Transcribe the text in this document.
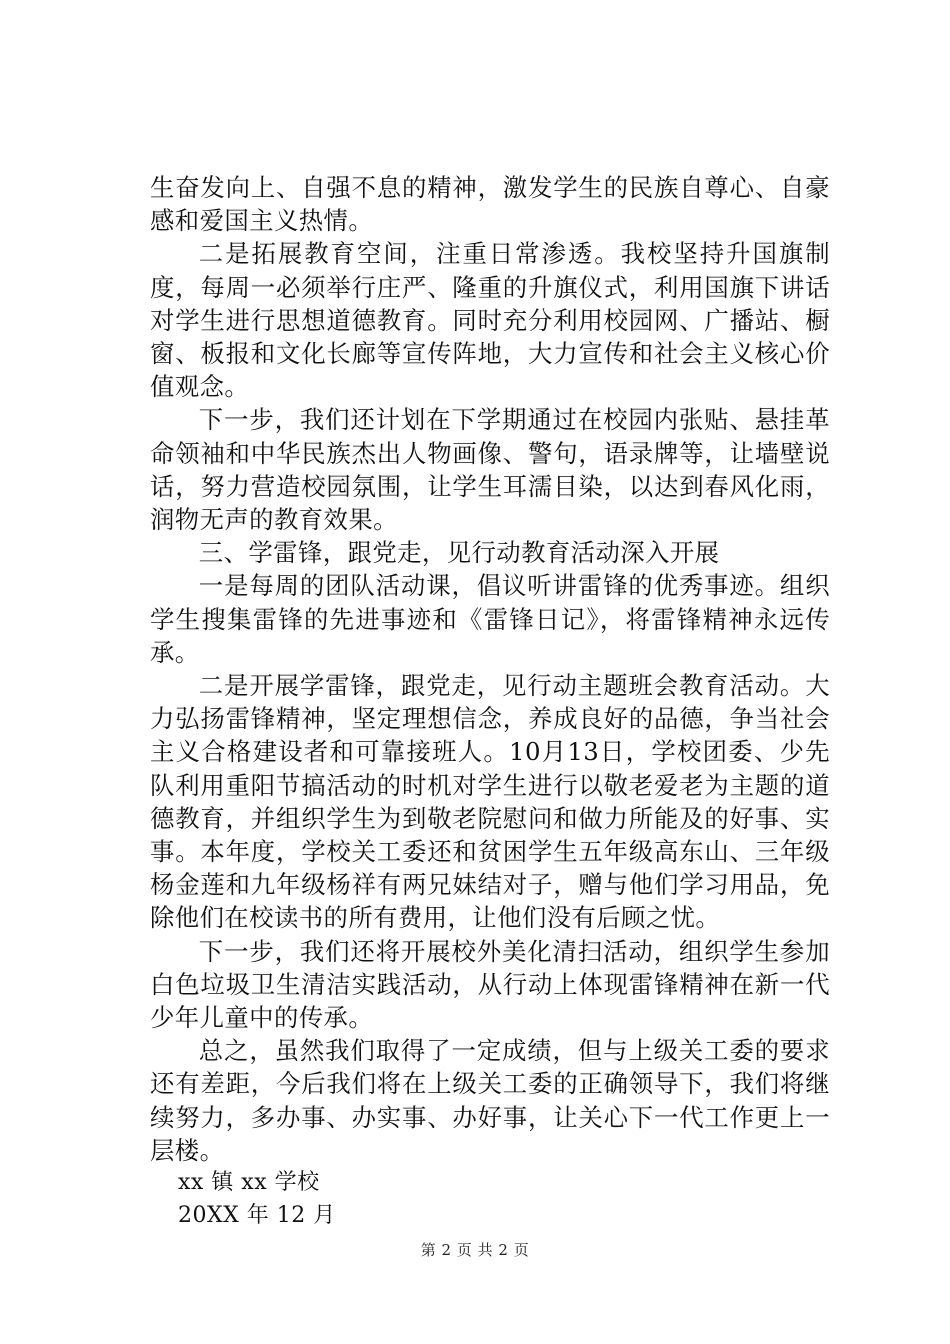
生奋发向上、自强不息的精神，激发学生的民族自尊心、自豪感和爱国主义热情。

二是拓展教育空间，注重日常渗透。我校坚持升国旗制度，每周一必须举行庄严、隆重的升旗仪式，利用国旗下讲话对学生进行思想道德教育。同时充分利用校园网、广播站、橱窗、板报和文化长廊等宣传阵地，大力宣传和社会主义核心价值观念。

下一步，我们还计划在下学期通过在校园内张贴、悬挂革命领袖和中华民族杰出人物画像、警句，语录牌等，让墙壁说话，努力营造校园氛围，让学生耳濡目染，以达到春风化雨，润物无声的教育效果。

三、学雷锋，跟党走，见行动教育活动深入开展

一是每周的团队活动课，倡议听讲雷锋的优秀事迹。组织学生搜集雷锋的先进事迹和《雷锋日记》，将雷锋精神永远传承。

二是开展学雷锋，跟党走，见行动主题班会教育活动。大力弘扬雷锋精神，坚定理想信念，养成良好的品德，争当社会主义合格建设者和可靠接班人。10月13日，学校团委、少先队利用重阳节搞活动的时机对学生进行以敬老爱老为主题的道德教育，并组织学生为到敬老院慰问和做力所能及的好事、实事。本年度，学校关工委还和贫困学生五年级高东山、三年级杨金莲和九年级杨祥有两兄妹结对子，赠与他们学习用品，免除他们在校读书的所有费用，让他们没有后顾之忧。

下一步，我们还将开展校外美化清扫活动，组织学生参加白色垃圾卫生清洁实践活动，从行动上体现雷锋精神在新一代少年儿童中的传承。

总之，虽然我们取得了一定成绩，但与上级关工委的要求还有差距，今后我们将在上级关工委的正确领导下，我们将继续努力，多办事、办实事、办好事，让关心下一代工作更上一层楼。

xx 镇 xx 学校

20XX 年 12 月

第 2 页 共 2 页
